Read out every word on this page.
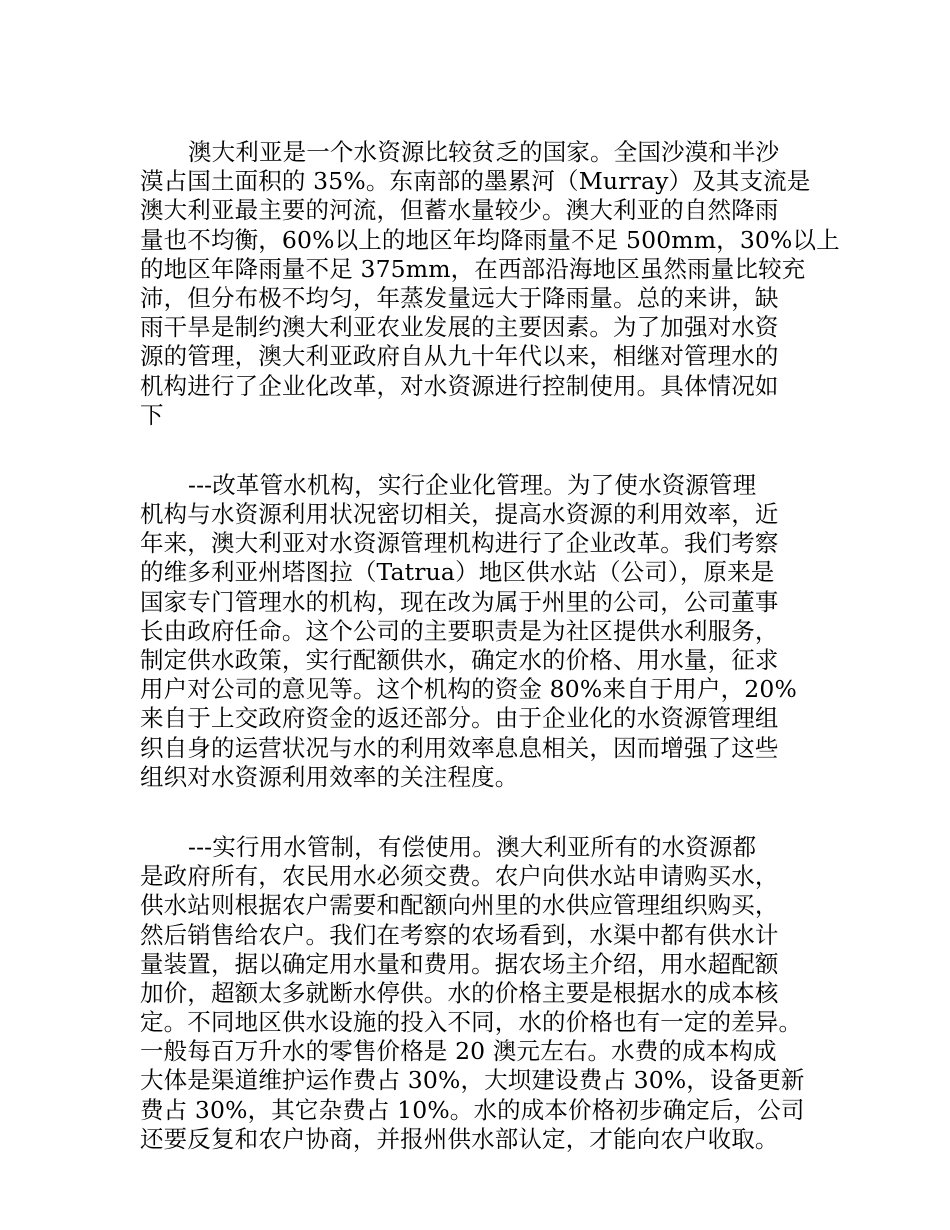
澳大利亚是一个水资源比较贫乏的国家。全国沙漠和半沙
漠占国土面积的 35%。东南部的墨累河（Murray）及其支流是
澳大利亚最主要的河流，但蓄水量较少。澳大利亚的自然降雨
量也不均衡，60%以上的地区年均降雨量不足 500mm，30%以上
的地区年降雨量不足 375mm，在西部沿海地区虽然雨量比较充
沛，但分布极不均匀，年蒸发量远大于降雨量。总的来讲，缺
雨干旱是制约澳大利亚农业发展的主要因素。为了加强对水资
源的管理，澳大利亚政府自从九十年代以来，相继对管理水的
机构进行了企业化改革，对水资源进行控制使用。具体情况如
下
---改革管水机构，实行企业化管理。为了使水资源管理
机构与水资源利用状况密切相关，提高水资源的利用效率，近
年来，澳大利亚对水资源管理机构进行了企业改革。我们考察
的维多利亚州塔图拉（Tatrua）地区供水站（公司），原来是
国家专门管理水的机构，现在改为属于州里的公司，公司董事
长由政府任命。这个公司的主要职责是为社区提供水利服务，
制定供水政策，实行配额供水，确定水的价格、用水量，征求
用户对公司的意见等。这个机构的资金 80%来自于用户，20%
来自于上交政府资金的返还部分。由于企业化的水资源管理组
织自身的运营状况与水的利用效率息息相关，因而增强了这些
组织对水资源利用效率的关注程度。
---实行用水管制，有偿使用。澳大利亚所有的水资源都
是政府所有，农民用水必须交费。农户向供水站申请购买水，
供水站则根据农户需要和配额向州里的水供应管理组织购买，
然后销售给农户。我们在考察的农场看到，水渠中都有供水计
量装置，据以确定用水量和费用。据农场主介绍，用水超配额
加价，超额太多就断水停供。水的价格主要是根据水的成本核
定。不同地区供水设施的投入不同，水的价格也有一定的差异。
一般每百万升水的零售价格是 20 澳元左右。水费的成本构成
大体是渠道维护运作费占 30%，大坝建设费占 30%，设备更新
费占 30%，其它杂费占 10%。水的成本价格初步确定后，公司
还要反复和农户协商，并报州供水部认定，才能向农户收取。
